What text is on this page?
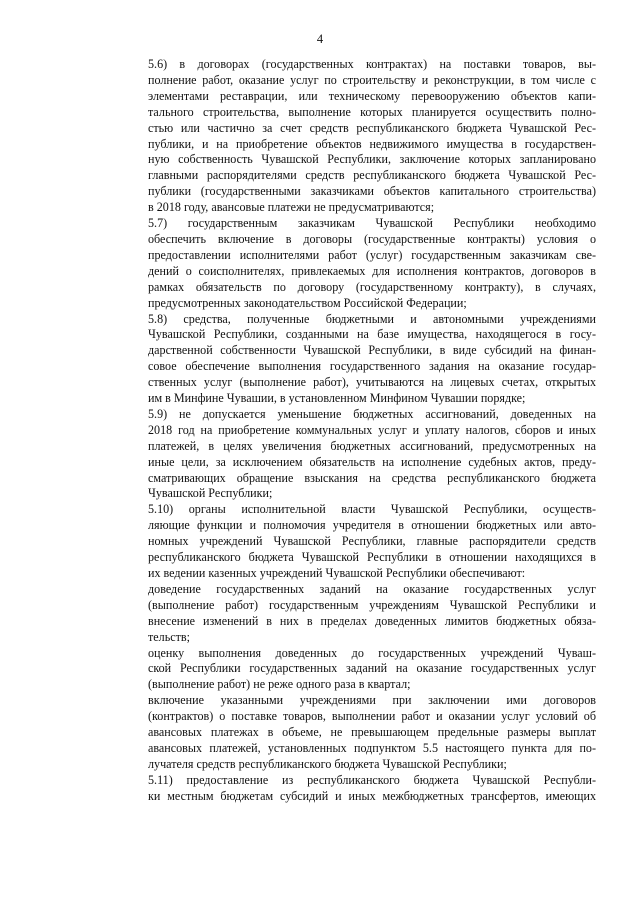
4
5.6) в договорах (государственных контрактах) на поставки товаров, вы-
полнение работ, оказание услуг по строительству и реконструкции, в том числе с
элементами реставрации, или техническому перевооружению объектов капи-
тального строительства, выполнение которых планируется осуществить полно-
стью или частично за счет средств республиканского бюджета Чувашской Рес-
публики, и на приобретение объектов недвижимого имущества в государствен-
ную собственность Чувашской Республики, заключение которых запланировано
главными распорядителями средств республиканского бюджета Чувашской Рес-
публики (государственными заказчиками объектов капитального строительства)
в 2018 году, авансовые платежи не предусматриваются;
5.7) государственным заказчикам Чувашской Республики необходимо
обеспечить включение в договоры (государственные контракты) условия о
предоставлении исполнителями работ (услуг) государственным заказчикам све-
дений о соисполнителях, привлекаемых для исполнения контрактов, договоров в
рамках обязательств по договору (государственному контракту), в случаях,
предусмотренных законодательством Российской Федерации;
5.8) средства, полученные бюджетными и автономными учреждениями
Чувашской Республики, созданными на базе имущества, находящегося в госу-
дарственной собственности Чувашской Республики, в виде субсидий на финан-
совое обеспечение выполнения государственного задания на оказание государ-
ственных услуг (выполнение работ), учитываются на лицевых счетах, открытых
им в Минфине Чувашии, в установленном Минфином Чувашии порядке;
5.9) не допускается уменьшение бюджетных ассигнований, доведенных на
2018 год на приобретение коммунальных услуг и уплату налогов, сборов и иных
платежей, в целях увеличения бюджетных ассигнований, предусмотренных на
иные цели, за исключением обязательств на исполнение судебных актов, преду-
сматривающих обращение взыскания на средства республиканского бюджета
Чувашской Республики;
5.10) органы исполнительной власти Чувашской Республики, осуществ-
ляющие функции и полномочия учредителя в отношении бюджетных или авто-
номных учреждений Чувашской Республики, главные распорядители средств
республиканского бюджета Чувашской Республики в отношении находящихся в
их ведении казенных учреждений Чувашской Республики обеспечивают:
доведение государственных заданий на оказание государственных услуг
(выполнение работ) государственным учреждениям Чувашской Республики и
внесение изменений в них в пределах доведенных лимитов бюджетных обяза-
тельств;
оценку выполнения доведенных до государственных учреждений Чуваш-
ской Республики государственных заданий на оказание государственных услуг
(выполнение работ) не реже одного раза в квартал;
включение указанными учреждениями при заключении ими договоров
(контрактов) о поставке товаров, выполнении работ и оказании услуг условий об
авансовых платежах в объеме, не превышающем предельные размеры выплат
авансовых платежей, установленных подпунктом 5.5 настоящего пункта для по-
лучателя средств республиканского бюджета Чувашской Республики;
5.11) предоставление из республиканского бюджета Чувашской Республи-
ки местным бюджетам субсидий и иных межбюджетных трансфертов, имеющих
